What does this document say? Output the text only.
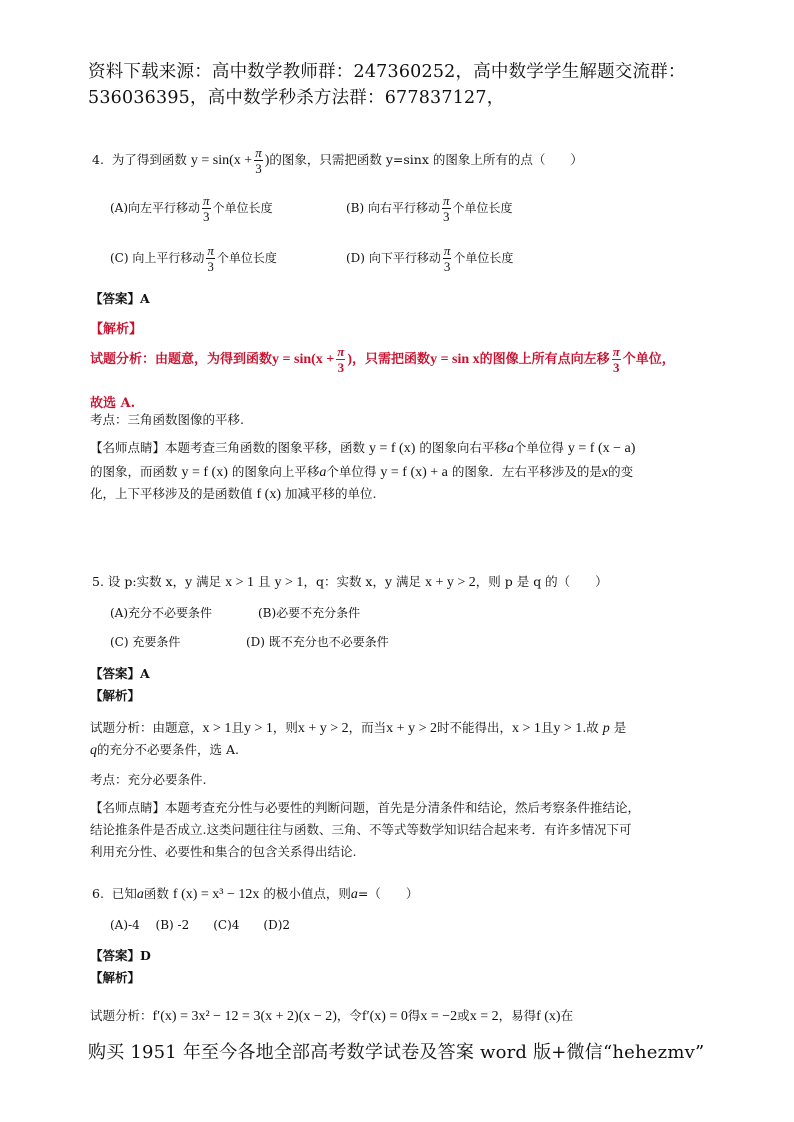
资料下载来源：高中数学教师群：247360252，高中数学学生解题交流群：
536036395，高中数学秒杀方法群：677837127，
4. 为了得到函数 $y = \sin(x + \frac{\pi}{3}$ )的图象，只需把函数 y=sinx 的图象上所有的点（　　）
(A)向左平行移动 $\frac{\pi}{3}$ 个单位长度	(B) 向右平行移动 $\frac{\pi}{3}$ 个单位长度
(C) 向上平行移动 $\frac{\pi}{3}$ 个单位长度	(D) 向下平行移动 $\frac{\pi}{3}$ 个单位长度
【答案】A
【解析】
试题分析：由题意，为得到函数$y = \sin(x + \frac{\pi}{3}$ )，只需把函数y = sin x的图像上所有点向左移 $\frac{\pi}{3}$ 个单位，
故选 A.
考点：三角函数图像的平移.
【名师点睛】本题考查三角函数的图象平移，函数 y = f (x) 的图象向右平移a个单位得 y = f (x − a)
的图象，而函数 y = f (x) 的图象向上平移a个单位得 y = f (x) + a 的图象．左右平移涉及的是x的变
化，上下平移涉及的是函数值 f (x) 加减平移的单位.
5. 设 p:实数 x，y 满足 x > 1 且 y > 1，q：实数 x，y 满足 x + y > 2，则 p 是 q 的（　　）
(A)充分不必要条件	(B)必要不充分条件
(C) 充要条件	(D) 既不充分也不必要条件
【答案】A
【解析】
试题分析：由题意，x > 1且y > 1，则x + y > 2，而当x + y > 2时不能得出，x > 1且y > 1.故 p 是
q的充分不必要条件，选 A.
考点：充分必要条件.
【名师点睛】本题考查充分性与必要性的判断问题，首先是分清条件和结论，然后考察条件推结论，
结论推条件是否成立.这类问题往往与函数、三角、不等式等数学知识结合起来考．有许多情况下可
利用充分性、必要性和集合的包含关系得出结论.
6. 已知a函数 f (x) = x³ − 12x 的极小值点，则a=（　　）
(A)-4　 (B) -2　　(C)4　　(D)2
【答案】D
【解析】
试题分析：f′(x) = 3x² − 12 = 3(x + 2)(x − 2)，令f′(x) = 0得x = −2或x = 2，易得f (x)在
购买 1951 年至今各地全部高考数学试卷及答案 word 版+微信“hehezmv”
